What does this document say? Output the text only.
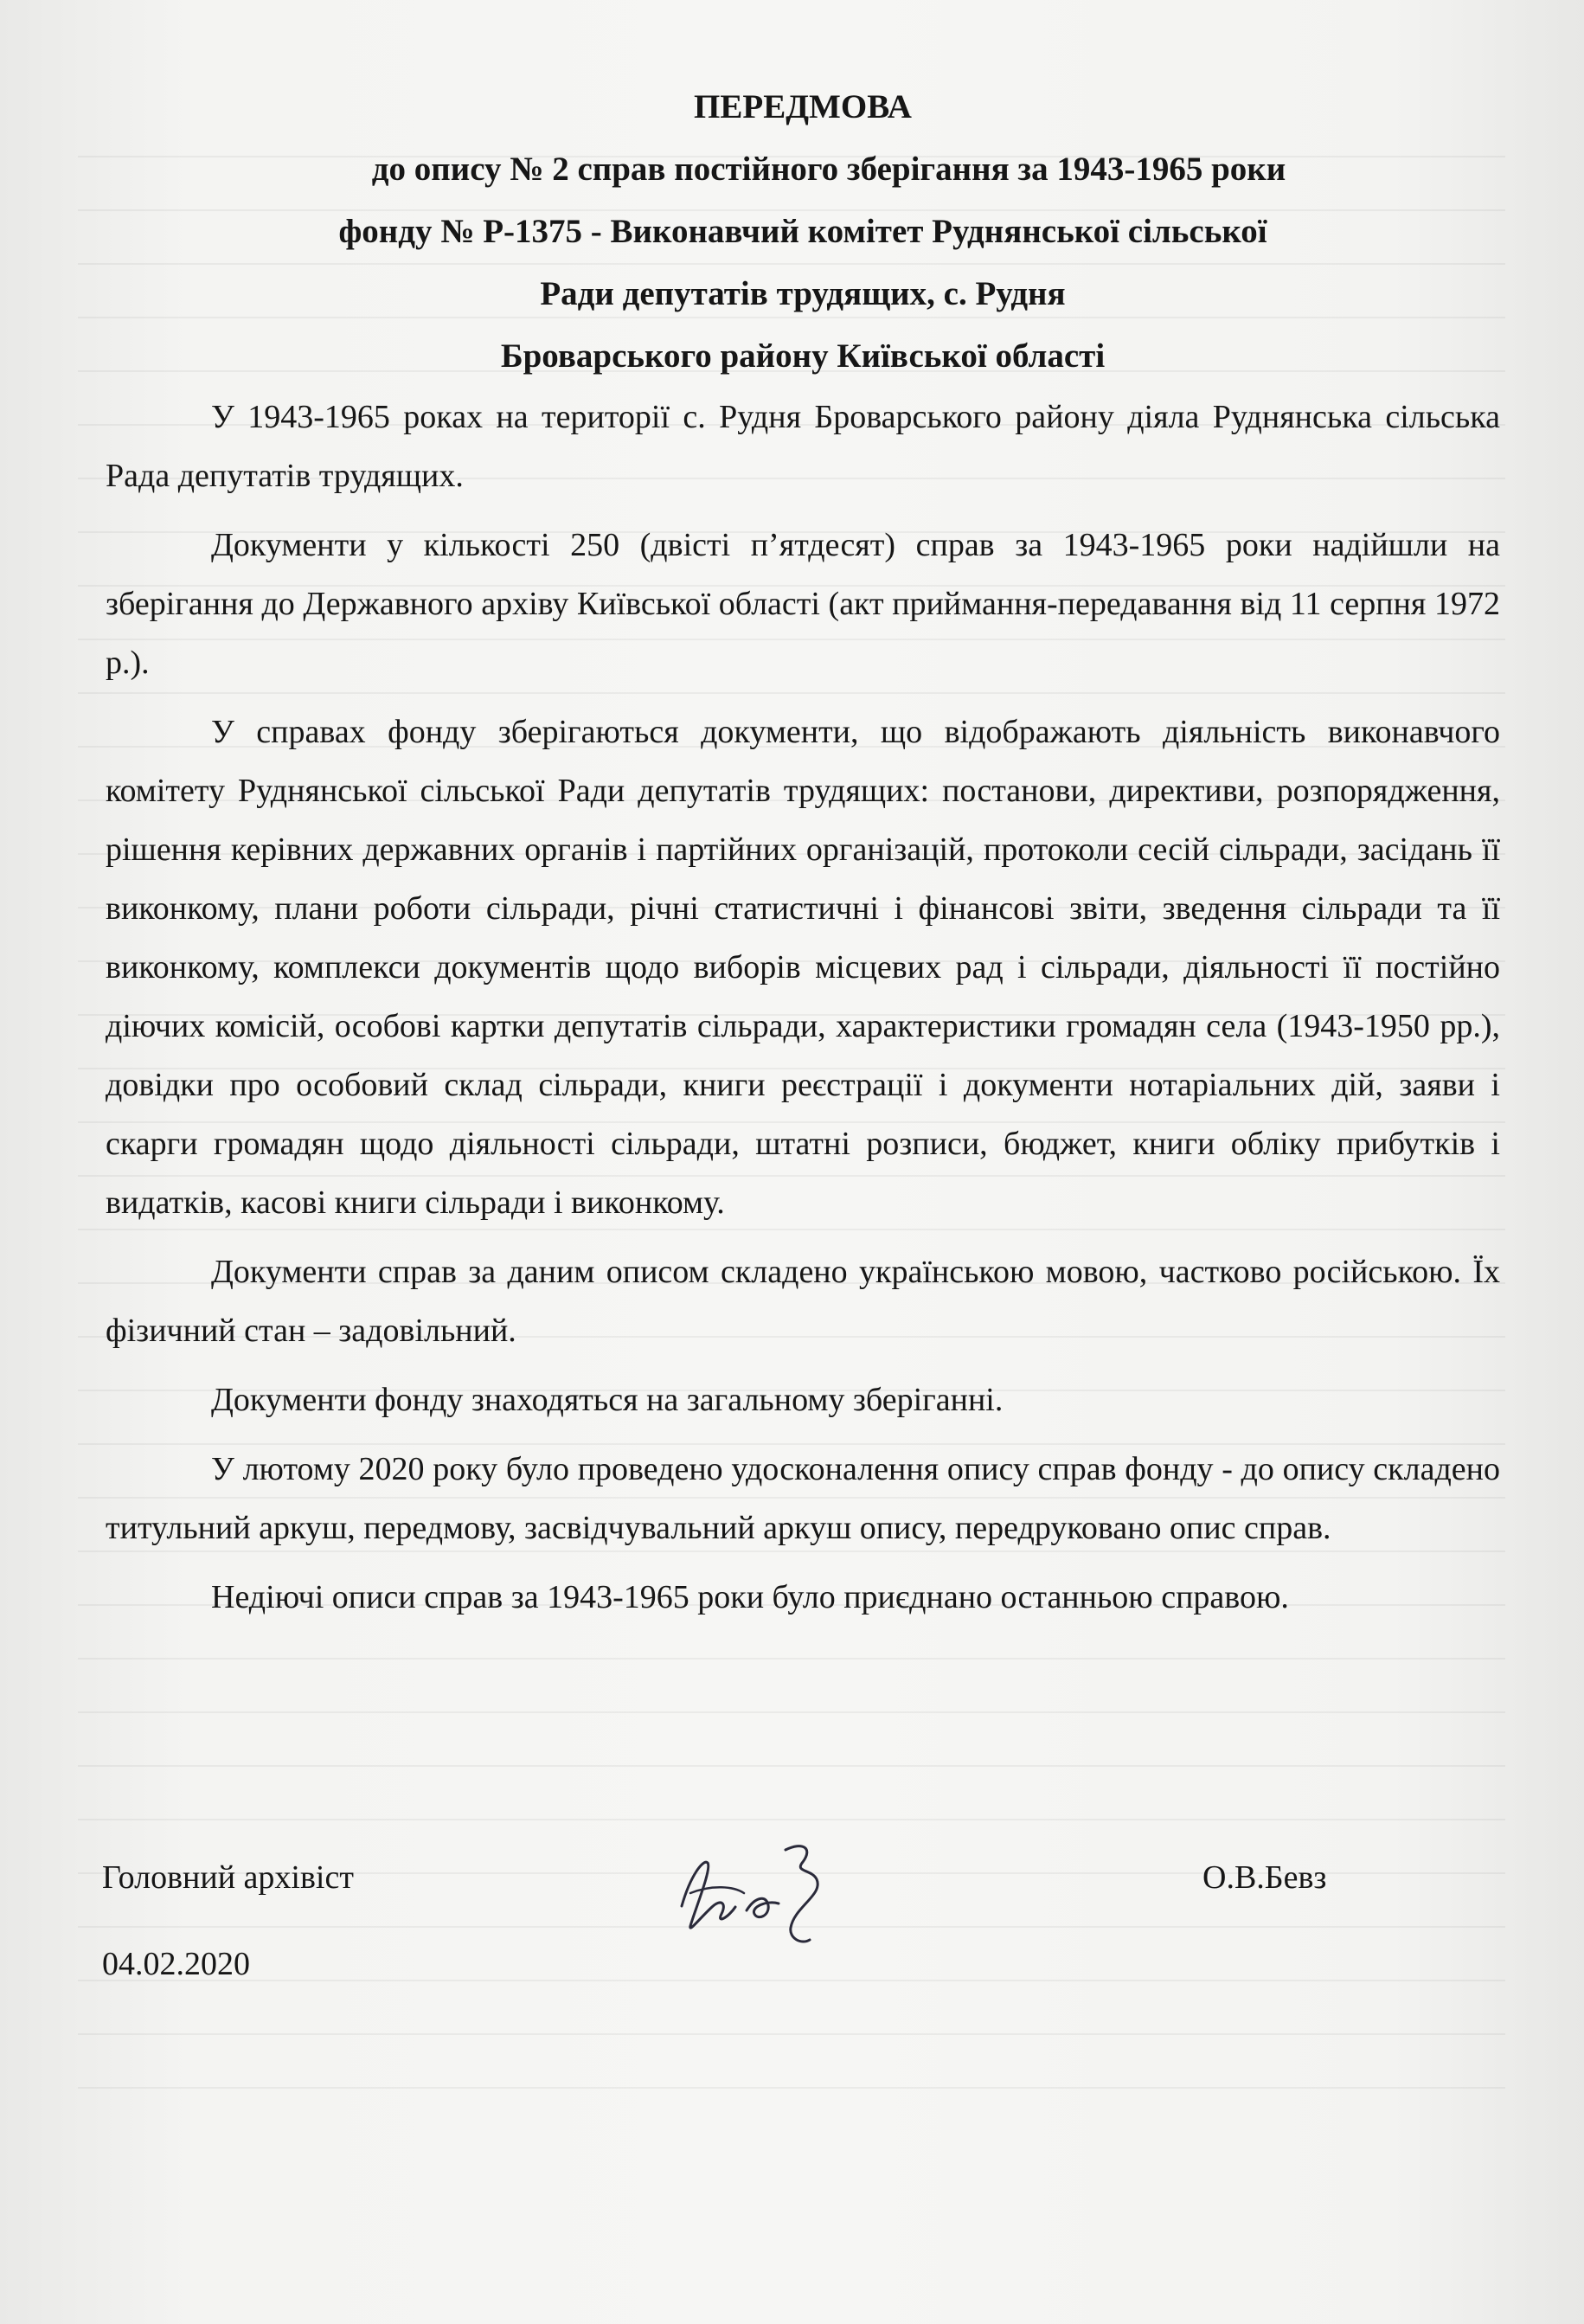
ПЕРЕДМОВА

до опису № 2 справ постійного зберігання за 1943-1965 роки

фонду № Р-1375 - Виконавчий комітет Руднянської сільської

Ради депутатів трудящих, с. Рудня

Броварського району Київської області

У 1943-1965 роках на території с. Рудня Броварського району діяла Руднянська сільська Рада депутатів трудящих.

Документи у кількості 250 (двісті п’ятдесят) справ за 1943-1965 роки надійшли на зберігання до Державного архіву Київської області (акт приймання-передавання від 11 серпня 1972 р.).

У справах фонду зберігаються документи, що відображають діяльність виконавчого комітету Руднянської сільської Ради депутатів трудящих: постанови, директиви, розпорядження, рішення керівних державних органів і партійних організацій, протоколи сесій сільради, засідань її виконкому, плани роботи сільради, річні статистичні і фінансові звіти, зведення сільради та її виконкому, комплекси документів щодо виборів місцевих рад і сільради, діяльності її постійно діючих комісій, особові картки депутатів сільради, характеристики громадян села (1943-1950 рр.), довідки про особовий склад сільради, книги реєстрації і документи нотаріальних дій, заяви і скарги громадян щодо діяльності сільради, штатні розписи, бюджет, книги обліку прибутків і видатків, касові книги сільради і виконкому.

Документи справ за даним описом складено українською мовою, частково російською. Їх фізичний стан – задовільний.

Документи фонду знаходяться на загальному зберіганні.

У лютому 2020 року було проведено удосконалення опису справ фонду - до опису складено титульний аркуш, передмову, засвідчувальний аркуш опису, передруковано опис справ.

Недіючі описи справ за 1943-1965 роки було приєднано останньою справою.

Головний архівіст
04.02.2020
О.В.Бевз
